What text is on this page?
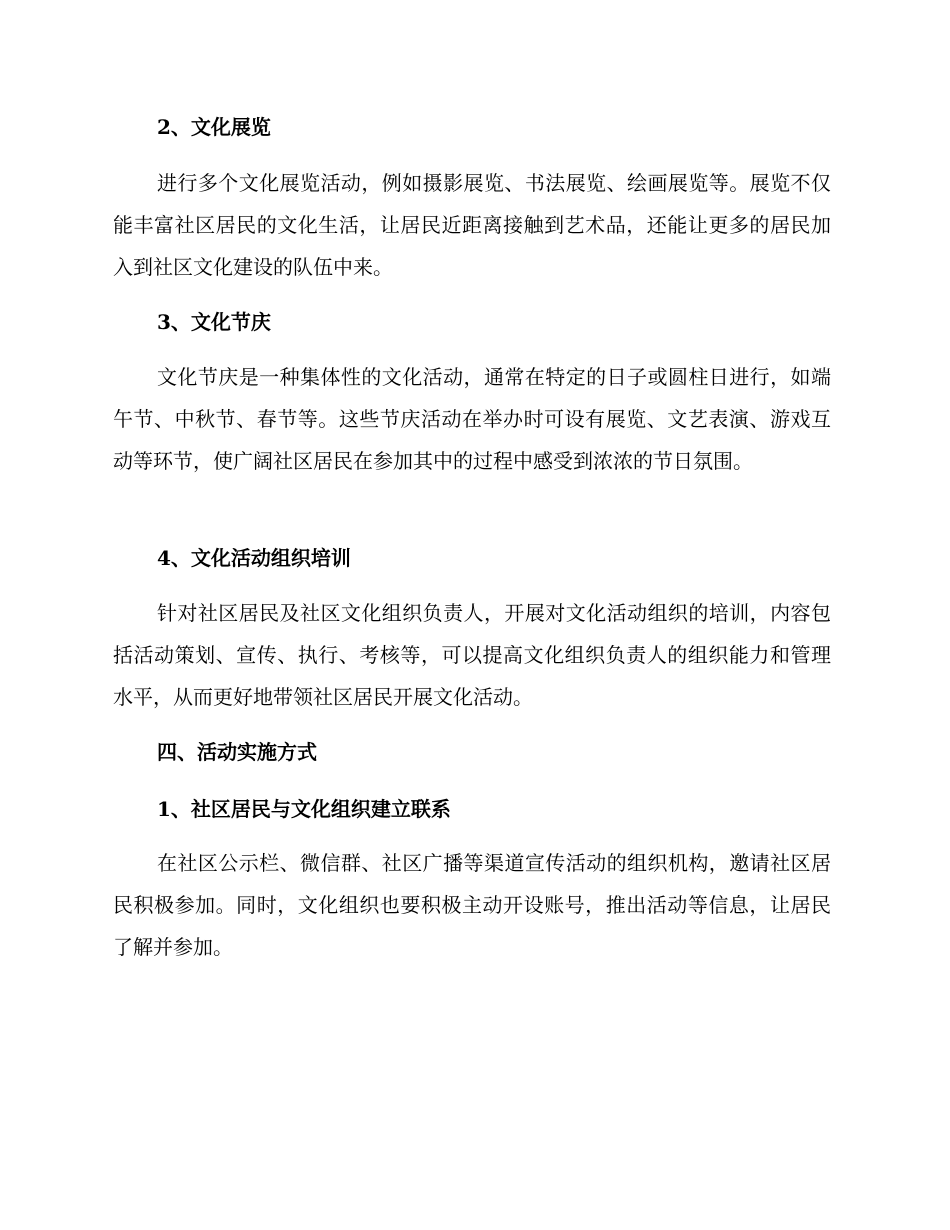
2、文化展览

进行多个文化展览活动，例如摄影展览、书法展览、绘画展览等。展览不仅能丰富社区居民的文化生活，让居民近距离接触到艺术品，还能让更多的居民加入到社区文化建设的队伍中来。

3、文化节庆

文化节庆是一种集体性的文化活动，通常在特定的日子或圆柱日进行，如端午节、中秋节、春节等。这些节庆活动在举办时可设有展览、文艺表演、游戏互动等环节，使广阔社区居民在参加其中的过程中感受到浓浓的节日氛围。

4、文化活动组织培训

针对社区居民及社区文化组织负责人，开展对文化活动组织的培训，内容包括活动策划、宣传、执行、考核等，可以提高文化组织负责人的组织能力和管理水平，从而更好地带领社区居民开展文化活动。

四、活动实施方式

1、社区居民与文化组织建立联系

在社区公示栏、微信群、社区广播等渠道宣传活动的组织机构，邀请社区居民积极参加。同时，文化组织也要积极主动开设账号，推出活动等信息，让居民了解并参加。
